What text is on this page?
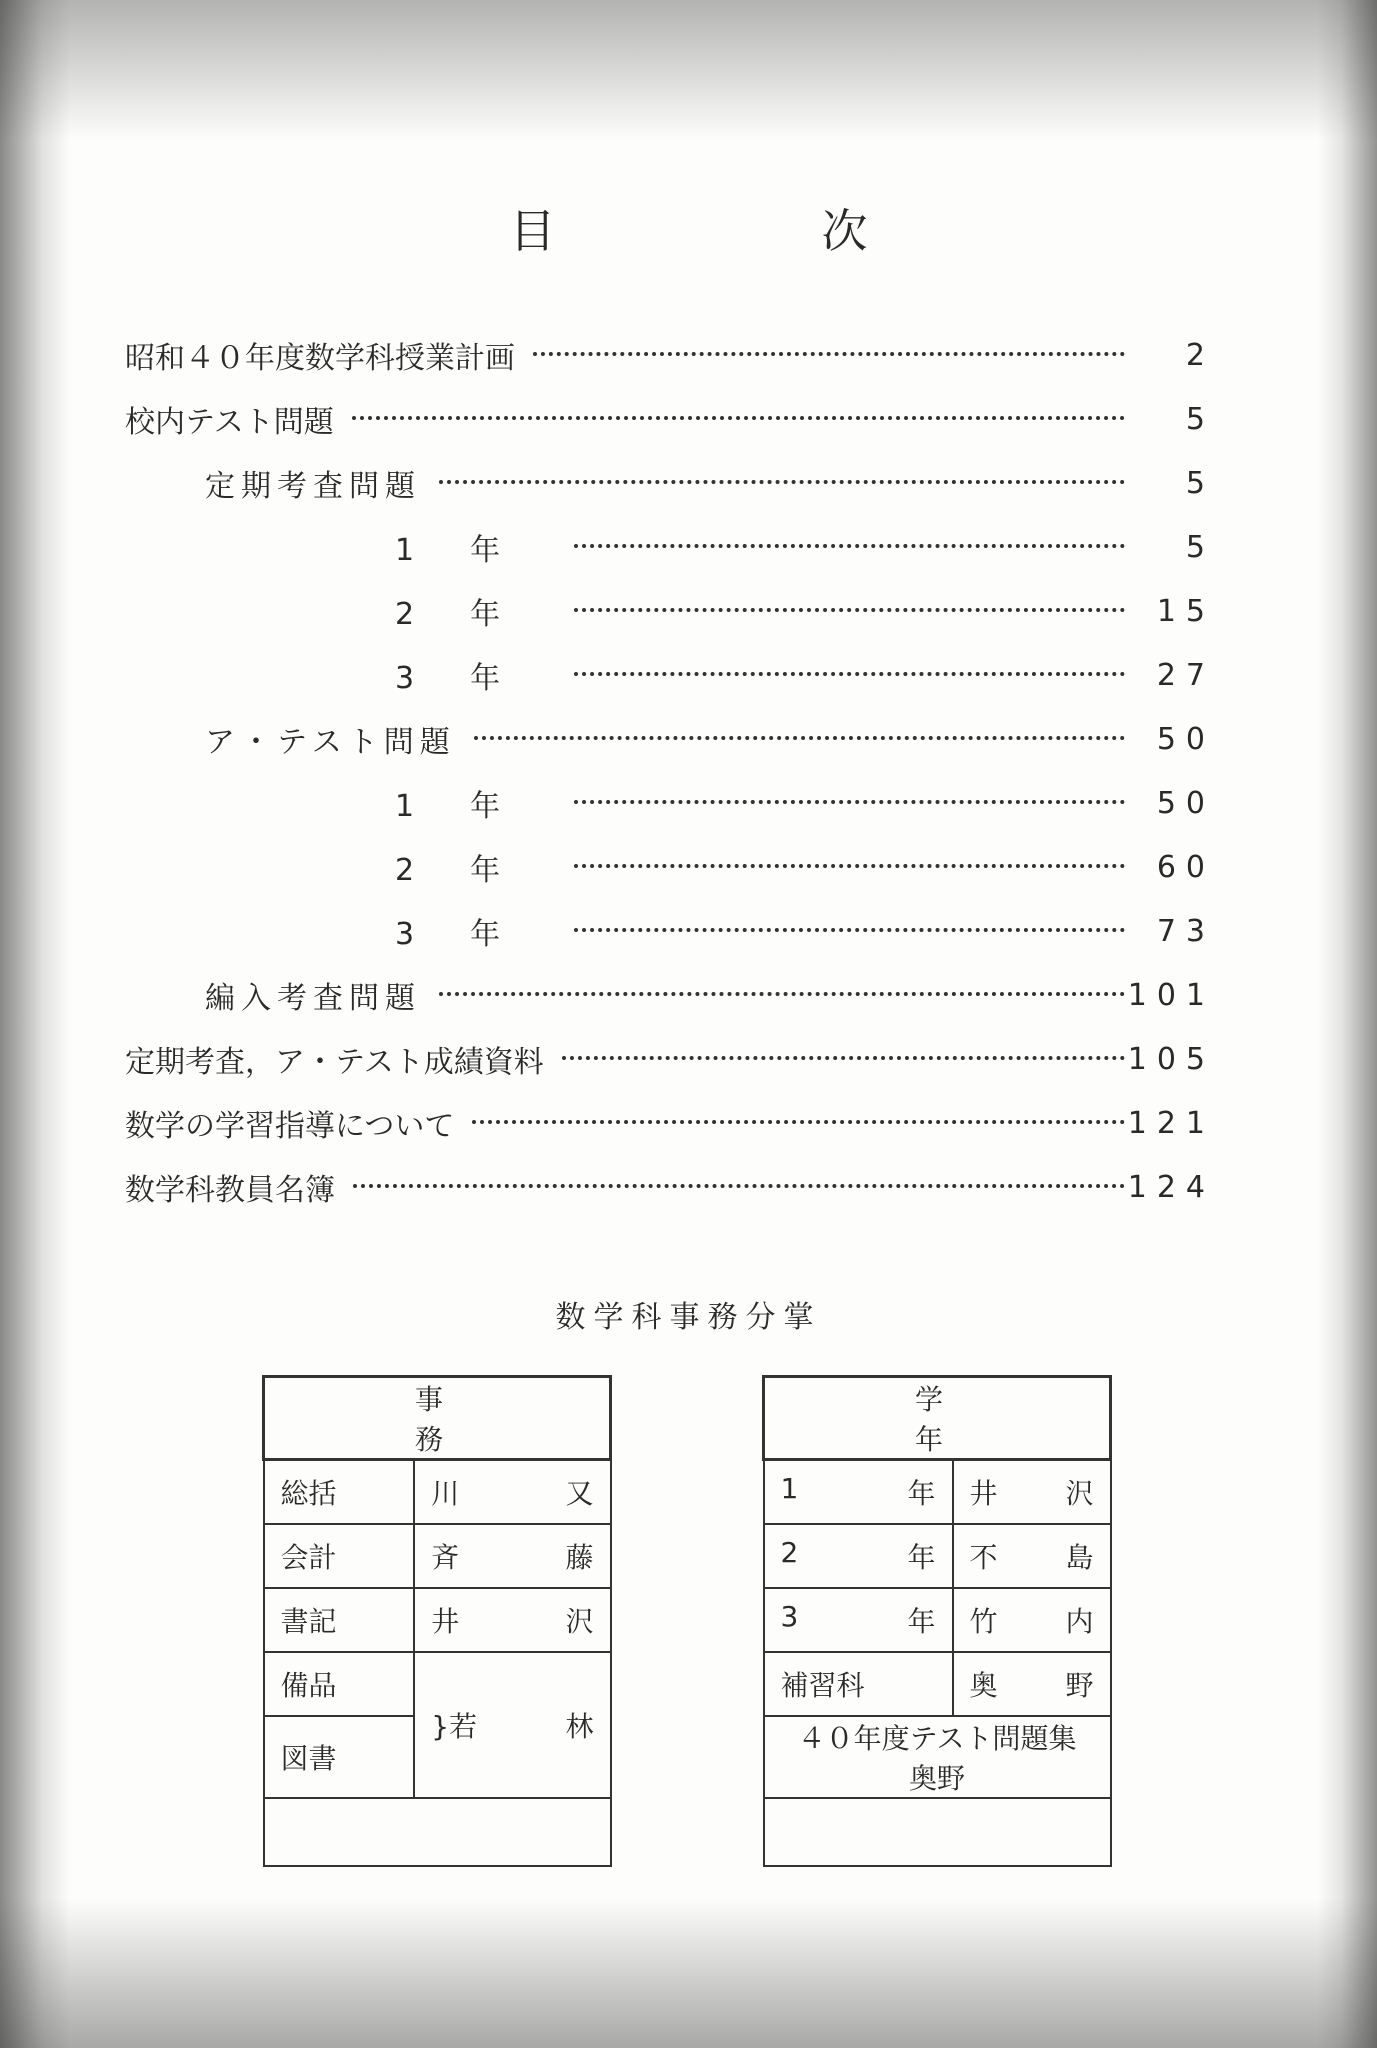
目　次
昭和４０年度数学科授業計画	2
校内テスト問題	5
定期考査問題	5
1年	5
2年	15
3年	27
ア・テスト問題	50
1年	50
2年	60
3年	73
編入考査問題	101
定期考査，ア・テスト成績資料	105
数学の学習指導について	121
数学科教員名簿	124
数学科事務分掌
事務			学年	

総括	川 又		1 年	井 沢

会計	斉 藤		2 年	不 島

書記	井 沢		3 年	竹 内

備品	}若 林		補習科	奥 野

図書			４０年度テスト問題集　奥野	
